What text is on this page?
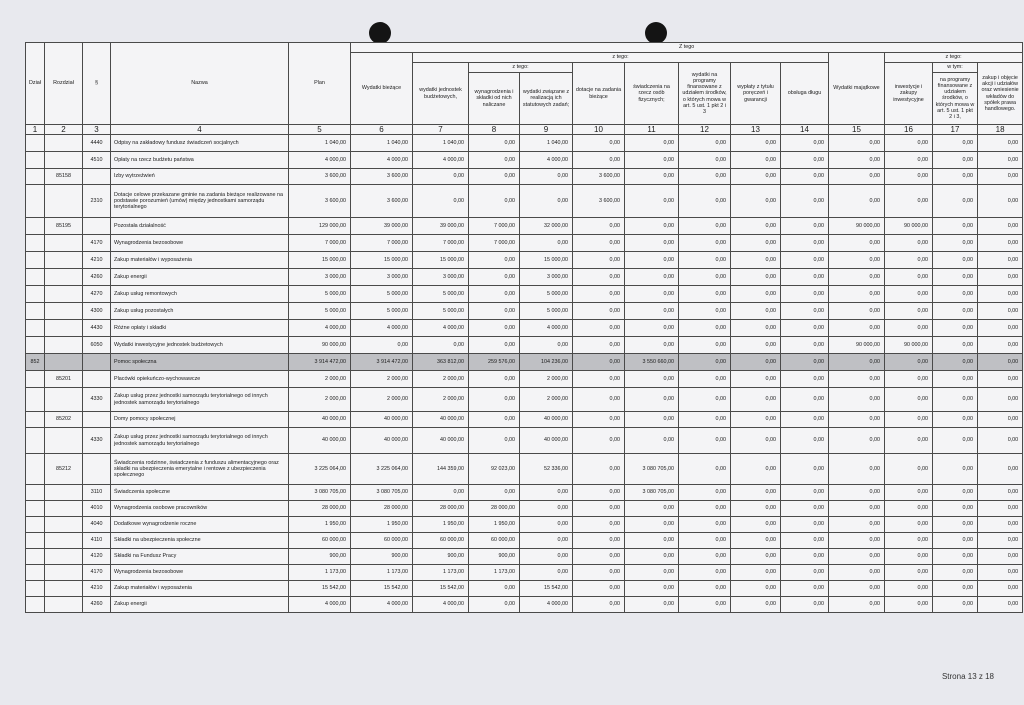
Dział	Rozdział	§	Nazwa	Plan	Z tego												
					Wydatki bieżące	z tego:								Wydatki majątkowe	z tego:		
						wydatki jednostek budżetowych,	z tego:		dotacje na zadania bieżące	świadczenia na rzecz osób fizycznych;	wydatki na programy finansowane z udziałem środków, o których mowa w art. 5 ust. 1 pkt 2 i 3	wypłaty z tytułu poręczeń i gwarancji	obsługa długu		inwestycje i zakupy inwestycyjne	w tym:	zakup i objęcie akcji i udziałów oraz wniesienie wkładów do spółek prawa handlowego.
							wynagrodzenia i składki od nich naliczane	wydatki związane z realizacją ich statutowych zadań;								na programy finansowane z udziałem środków, o których mowa w art. 5 ust. 1 pkt 2 i 3,	
1	2	3	4	5	6	7	8	9	10	11	12	13	14	15	16	17	18
		4440	Odpisy na zakładowy fundusz świadczeń socjalnych	1 040,00	1 040,00	1 040,00	0,00	1 040,00	0,00	0,00	0,00	0,00	0,00	0,00	0,00	0,00	0,00
		4510	Opłaty na rzecz budżetu państwa	4 000,00	4 000,00	4 000,00	0,00	4 000,00	0,00	0,00	0,00	0,00	0,00	0,00	0,00	0,00	0,00
	85158		Izby wytrzeźwień	3 600,00	3 600,00	0,00	0,00	0,00	3 600,00	0,00	0,00	0,00	0,00	0,00	0,00	0,00	0,00
		2310	Dotacje celowe przekazane gminie na zadania bieżące realizowane na podstawie porozumień (umów) między jednostkami samorządu terytorialnego	3 600,00	3 600,00	0,00	0,00	0,00	3 600,00	0,00	0,00	0,00	0,00	0,00	0,00	0,00	0,00
	85195		Pozostała działalność	129 000,00	39 000,00	39 000,00	7 000,00	32 000,00	0,00	0,00	0,00	0,00	0,00	90 000,00	90 000,00	0,00	0,00
		4170	Wynagrodzenia bezosobowe	7 000,00	7 000,00	7 000,00	7 000,00	0,00	0,00	0,00	0,00	0,00	0,00	0,00	0,00	0,00	0,00
		4210	Zakup materiałów i wyposażenia	15 000,00	15 000,00	15 000,00	0,00	15 000,00	0,00	0,00	0,00	0,00	0,00	0,00	0,00	0,00	0,00
		4260	Zakup energii	3 000,00	3 000,00	3 000,00	0,00	3 000,00	0,00	0,00	0,00	0,00	0,00	0,00	0,00	0,00	0,00
		4270	Zakup usług remontowych	5 000,00	5 000,00	5 000,00	0,00	5 000,00	0,00	0,00	0,00	0,00	0,00	0,00	0,00	0,00	0,00
		4300	Zakup usług pozostałych	5 000,00	5 000,00	5 000,00	0,00	5 000,00	0,00	0,00	0,00	0,00	0,00	0,00	0,00	0,00	0,00
		4430	Różne opłaty i składki	4 000,00	4 000,00	4 000,00	0,00	4 000,00	0,00	0,00	0,00	0,00	0,00	0,00	0,00	0,00	0,00
		6050	Wydatki inwestycyjne jednostek budżetowych	90 000,00	0,00	0,00	0,00	0,00	0,00	0,00	0,00	0,00	0,00	90 000,00	90 000,00	0,00	0,00
852			Pomoc społeczna	3 914 472,00	3 914 472,00	363 812,00	259 576,00	104 236,00	0,00	3 550 660,00	0,00	0,00	0,00	0,00	0,00	0,00	0,00
	85201		Placówki opiekuńczo-wychowawcze	2 000,00	2 000,00	2 000,00	0,00	2 000,00	0,00	0,00	0,00	0,00	0,00	0,00	0,00	0,00	0,00
		4330	Zakup usług przez jednostki samorządu terytorialnego od innych jednostek samorządu terytorialnego	2 000,00	2 000,00	2 000,00	0,00	2 000,00	0,00	0,00	0,00	0,00	0,00	0,00	0,00	0,00	0,00
	85202		Domy pomocy społecznej	40 000,00	40 000,00	40 000,00	0,00	40 000,00	0,00	0,00	0,00	0,00	0,00	0,00	0,00	0,00	0,00
		4330	Zakup usług przez jednostki samorządu terytorialnego od innych jednostek samorządu terytorialnego	40 000,00	40 000,00	40 000,00	0,00	40 000,00	0,00	0,00	0,00	0,00	0,00	0,00	0,00	0,00	0,00
	85212		Świadczenia rodzinne, świadczenia z funduszu alimentacyjnego oraz składki na ubezpieczenia emerytalne i rentowe z ubezpieczenia społecznego	3 225 064,00	3 225 064,00	144 359,00	92 023,00	52 336,00	0,00	3 080 705,00	0,00	0,00	0,00	0,00	0,00	0,00	0,00
		3110	Świadczenia społeczne	3 080 705,00	3 080 705,00	0,00	0,00	0,00	0,00	3 080 705,00	0,00	0,00	0,00	0,00	0,00	0,00	0,00
		4010	Wynagrodzenia osobowe pracowników	28 000,00	28 000,00	28 000,00	28 000,00	0,00	0,00	0,00	0,00	0,00	0,00	0,00	0,00	0,00	0,00
		4040	Dodatkowe wynagrodzenie roczne	1 950,00	1 950,00	1 950,00	1 950,00	0,00	0,00	0,00	0,00	0,00	0,00	0,00	0,00	0,00	0,00
		4110	Składki na ubezpieczenia społeczne	60 000,00	60 000,00	60 000,00	60 000,00	0,00	0,00	0,00	0,00	0,00	0,00	0,00	0,00	0,00	0,00
		4120	Składki na Fundusz Pracy	900,00	900,00	900,00	900,00	0,00	0,00	0,00	0,00	0,00	0,00	0,00	0,00	0,00	0,00
		4170	Wynagrodzenia bezosobowe	1 173,00	1 173,00	1 173,00	1 173,00	0,00	0,00	0,00	0,00	0,00	0,00	0,00	0,00	0,00	0,00
		4210	Zakup materiałów i wyposażenia	15 542,00	15 542,00	15 542,00	0,00	15 542,00	0,00	0,00	0,00	0,00	0,00	0,00	0,00	0,00	0,00
		4260	Zakup energii	4 000,00	4 000,00	4 000,00	0,00	4 000,00	0,00	0,00	0,00	0,00	0,00	0,00	0,00	0,00	0,00
Strona 13 z 18
